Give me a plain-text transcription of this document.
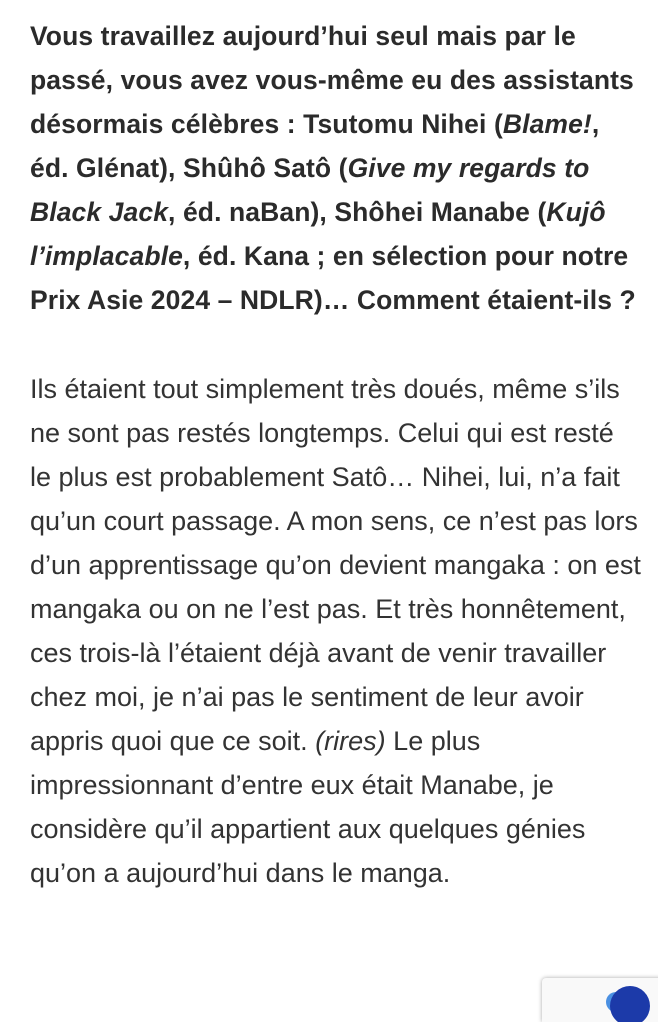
Vous travaillez aujourd’hui seul mais par le passé, vous avez vous-même eu des assistants désormais célèbres : Tsutomu Nihei (Blame!, éd. Glénat), Shûhô Satô (Give my regards to Black Jack, éd. naBan), Shôhei Manabe (Kujô l’implacable, éd. Kana ; en sélection pour notre Prix Asie 2024 – NDLR)… Comment étaient-ils ?

Ils étaient tout simplement très doués, même s’ils ne sont pas restés longtemps. Celui qui est resté le plus est probablement Satô… Nihei, lui, n’a fait qu’un court passage. A mon sens, ce n’est pas lors d’un apprentissage qu’on devient mangaka : on est mangaka ou on ne l’est pas. Et très honnêtement, ces trois-là l’étaient déjà avant de venir travailler chez moi, je n’ai pas le sentiment de leur avoir appris quoi que ce soit. (rires) Le plus impressionnant d’entre eux était Manabe, je considère qu’il appartient aux quelques génies qu’on a aujourd’hui dans le manga.
